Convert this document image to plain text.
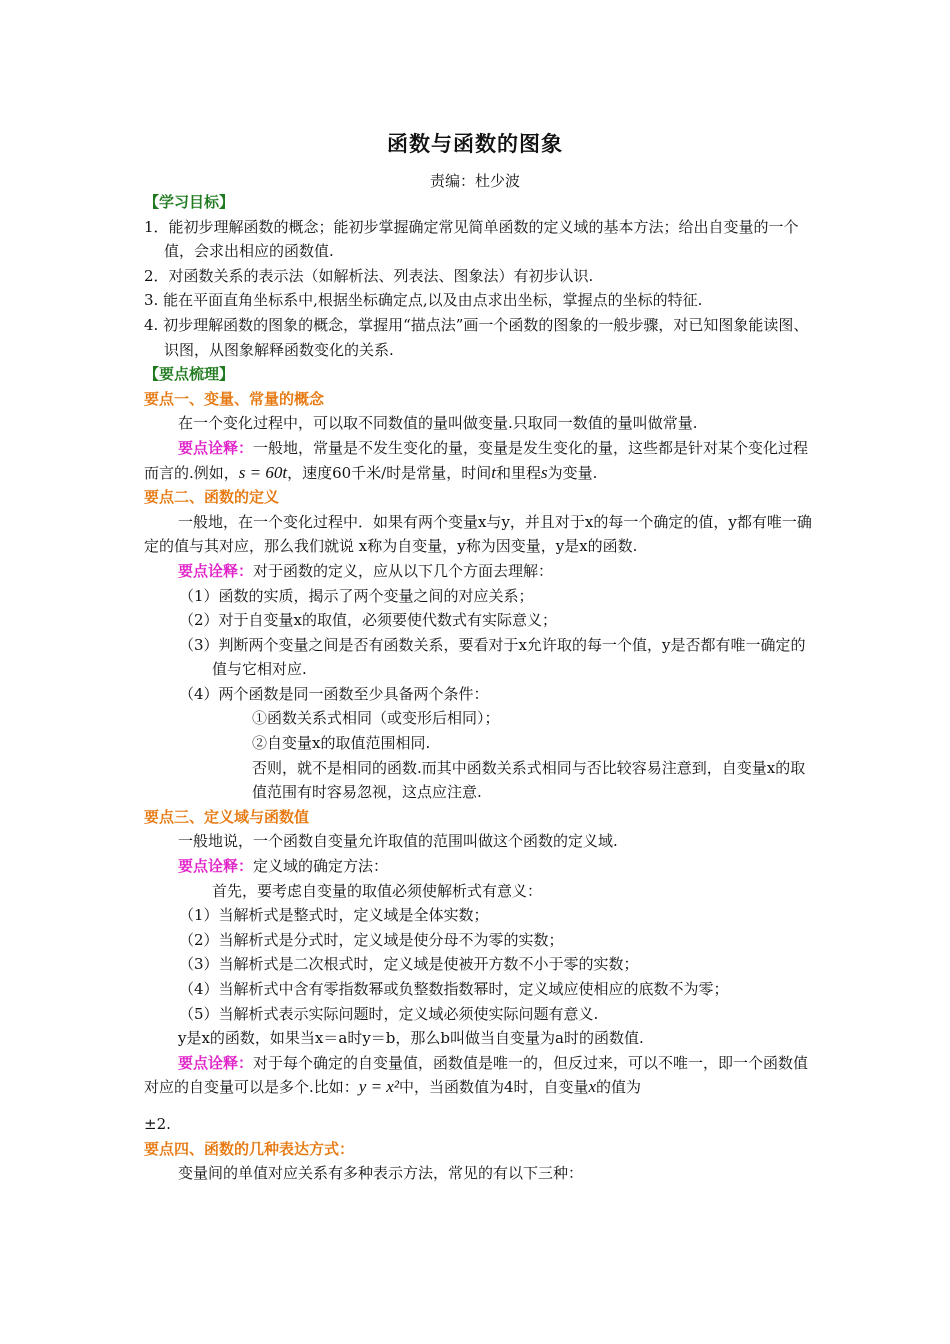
函数与函数的图象
责编：杜少波

【学习目标】

1．能初步理解函数的概念；能初步掌握确定常见简单函数的定义域的基本方法；给出自变量的一个值，会求出相应的函数值.

2．对函数关系的表示法（如解析法、列表法、图象法）有初步认识.

3. 能在平面直角坐标系中,根据坐标确定点,以及由点求出坐标，掌握点的坐标的特征.

4. 初步理解函数的图象的概念，掌握用“描点法”画一个函数的图象的一般步骤，对已知图象能读图、识图，从图象解释函数变化的关系.

【要点梳理】

要点一、变量、常量的概念

在一个变化过程中，可以取不同数值的量叫做变量.只取同一数值的量叫做常量.

要点诠释：一般地，常量是不发生变化的量，变量是发生变化的量，这些都是针对某个变化过程而言的.例如，s = 60t，速度60千米/时是常量，时间t和里程s为变量.

要点二、函数的定义

一般地，在一个变化过程中．如果有两个变量x与y，并且对于x的每一个确定的值，y都有唯一确定的值与其对应，那么我们就说 x称为自变量，y称为因变量，y是x的函数.

要点诠释：对于函数的定义，应从以下几个方面去理解：

（1）函数的实质，揭示了两个变量之间的对应关系；

（2）对于自变量x的取值，必须要使代数式有实际意义；

（3）判断两个变量之间是否有函数关系，要看对于x允许取的每一个值，y是否都有唯一确定的值与它相对应.

（4）两个函数是同一函数至少具备两个条件：

①函数关系式相同（或变形后相同）；

②自变量x的取值范围相同.

否则，就不是相同的函数.而其中函数关系式相同与否比较容易注意到，自变量x的取值范围有时容易忽视，这点应注意.

要点三、定义域与函数值

一般地说，一个函数自变量允许取值的范围叫做这个函数的定义域.

要点诠释：定义域的确定方法：

首先，要考虑自变量的取值必须使解析式有意义：

（1）当解析式是整式时，定义域是全体实数；

（2）当解析式是分式时，定义域是使分母不为零的实数；

（3）当解析式是二次根式时，定义域是使被开方数不小于零的实数；

（4）当解析式中含有零指数幂或负整数指数幂时，定义域应使相应的底数不为零；

（5）当解析式表示实际问题时，定义域必须使实际问题有意义.

y是x的函数，如果当x＝a时y＝b，那么b叫做当自变量为a时的函数值.

要点诠释：对于每个确定的自变量值，函数值是唯一的，但反过来，可以不唯一，即一个函数值对应的自变量可以是多个.比如：y = x²中，当函数值为4时，自变量x的值为

±2.

要点四、函数的几种表达方式：

变量间的单值对应关系有多种表示方法，常见的有以下三种：
